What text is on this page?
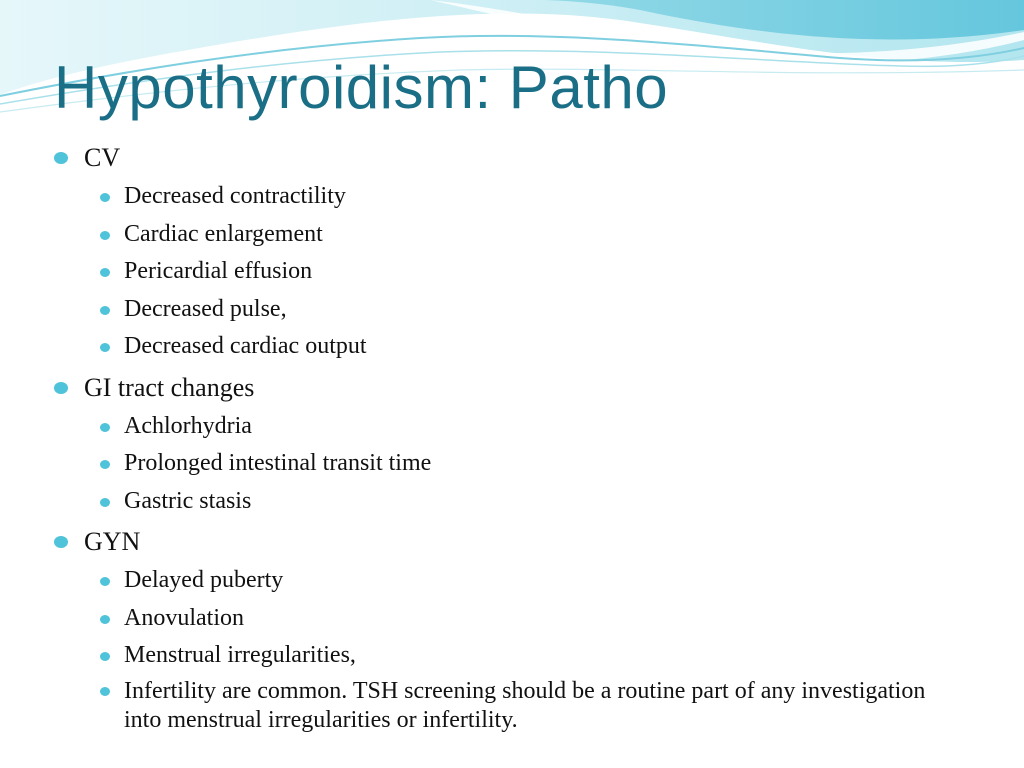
Hypothyroidism: Patho
CV
Decreased contractility
Cardiac enlargement
Pericardial effusion
Decreased pulse,
Decreased cardiac output
GI tract changes
Achlorhydria
Prolonged intestinal transit time
Gastric stasis
GYN
Delayed puberty
Anovulation
Menstrual irregularities,
Infertility are common. TSH screening should be a routine part of any investigation into menstrual irregularities or infertility.
